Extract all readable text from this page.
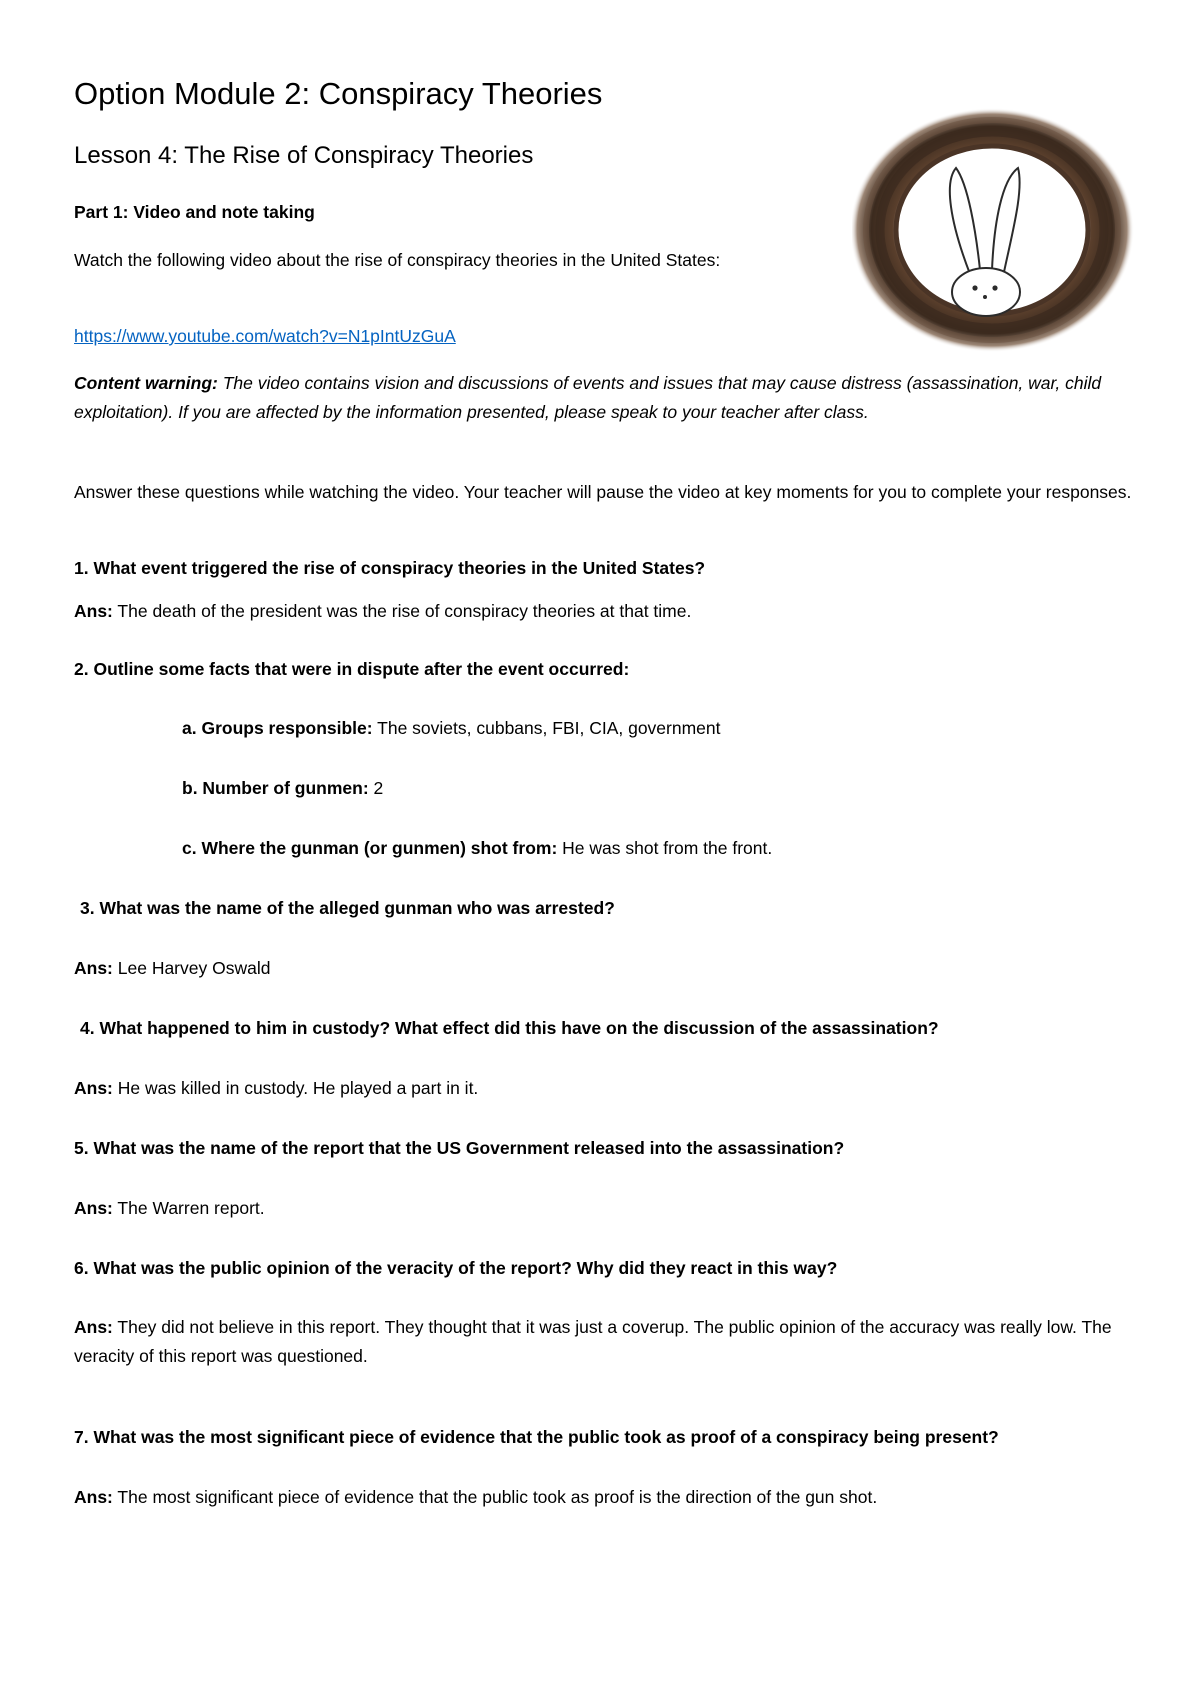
Option Module 2: Conspiracy Theories
Lesson 4: The Rise of Conspiracy Theories
Part 1: Video and note taking
Watch the following video about the rise of conspiracy theories in the United States:
https://www.youtube.com/watch?v=N1pIntUzGuA
Content warning: The video contains vision and discussions of events and issues that may cause distress (assassination, war, child exploitation). If you are affected by the information presented, please speak to your teacher after class.
Answer these questions while watching the video. Your teacher will pause the video at key moments for you to complete your responses.
1. What event triggered the rise of conspiracy theories in the United States?
Ans: The death of the president was the rise of conspiracy theories at that time.
2. Outline some facts that were in dispute after the event occurred:
a. Groups responsible: The soviets, cubbans, FBI, CIA, government
b. Number of gunmen: 2
c. Where the gunman (or gunmen) shot from: He was shot from the front.
3. What was the name of the alleged gunman who was arrested?
Ans: Lee Harvey Oswald
4. What happened to him in custody? What effect did this have on the discussion of the assassination?
Ans: He was killed in custody. He played a part in it.
5. What was the name of the report that the US Government released into the assassination?
Ans: The Warren report.
6. What was the public opinion of the veracity of the report? Why did they react in this way?
Ans: They did not believe in this report. They thought that it was just a coverup. The public opinion of the accuracy was really low. The veracity of this report was questioned.
7. What was the most significant piece of evidence that the public took as proof of a conspiracy being present?
Ans: The most significant piece of evidence that the public took as proof is the direction of the gun shot.
